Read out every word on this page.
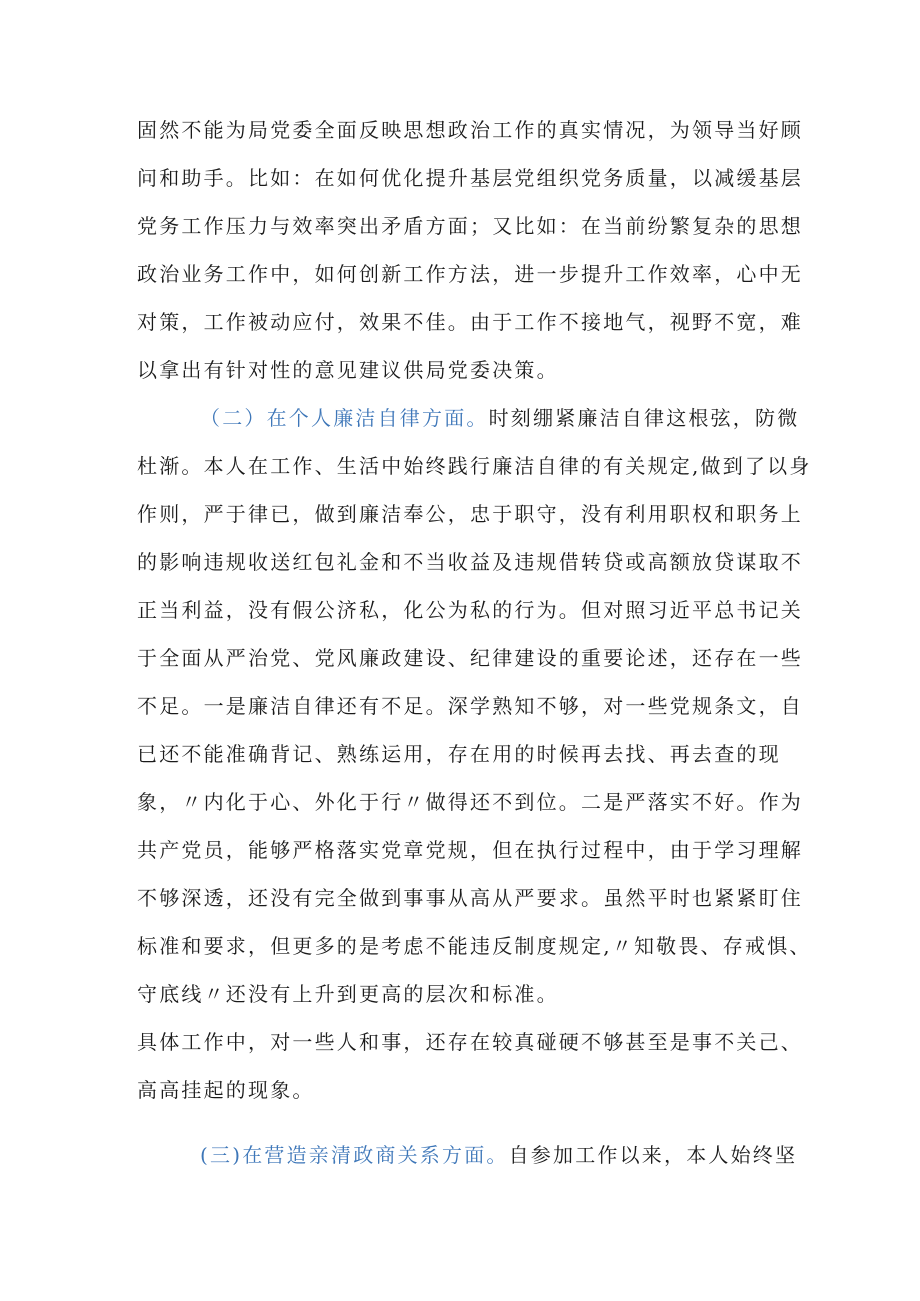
固然不能为局党委全面反映思想政治工作的真实情况，为领导当好顾
问和助手。比如：在如何优化提升基层党组织党务质量，以减缓基层
党务工作压力与效率突出矛盾方面；又比如：在当前纷繁复杂的思想
政治业务工作中，如何创新工作方法，进一步提升工作效率，心中无
对策，工作被动应付，效果不佳。由于工作不接地气，视野不宽，难
以拿出有针对性的意见建议供局党委决策。
（二）在个人廉洁自律方面。时刻绷紧廉洁自律这根弦，防微
杜渐。本人在工作、生活中始终践行廉洁自律的有关规定,做到了以身
作则，严于律已，做到廉洁奉公，忠于职守，没有利用职权和职务上
的影响违规收送红包礼金和不当收益及违规借转贷或高额放贷谋取不
正当利益，没有假公济私，化公为私的行为。但对照习近平总书记关
于全面从严治党、党风廉政建设、纪律建设的重要论述，还存在一些
不足。一是廉洁自律还有不足。深学熟知不够，对一些党规条文，自
已还不能准确背记、熟练运用，存在用的时候再去找、再去查的现
象，〃内化于心、外化于行〃做得还不到位。二是严落实不好。作为
共产党员，能够严格落实党章党规，但在执行过程中，由于学习理解
不够深透，还没有完全做到事事从高从严要求。虽然平时也紧紧盯住
标准和要求，但更多的是考虑不能违反制度规定,〃知敬畏、存戒惧、
守底线〃还没有上升到更高的层次和标准。
具体工作中，对一些人和事，还存在较真碰硬不够甚至是事不关己、
高高挂起的现象。
(三)在营造亲清政商关系方面。自参加工作以来，本人始终坚
